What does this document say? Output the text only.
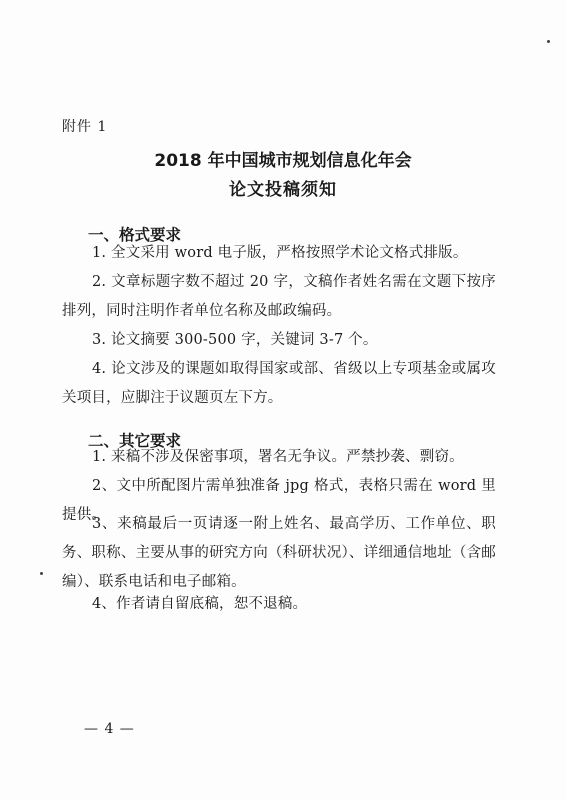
附件 1
2018 年中国城市规划信息化年会
论文投稿须知
一、格式要求
1. 全文采用 word 电子版，严格按照学术论文格式排版。
2. 文章标题字数不超过 20 字，文稿作者姓名需在文题下按序排列，同时注明作者单位名称及邮政编码。
3. 论文摘要 300-500 字，关键词 3-7 个。
4. 论文涉及的课题如取得国家或部、省级以上专项基金或属攻关项目，应脚注于议题页左下方。
二、其它要求
1. 来稿不涉及保密事项，署名无争议。严禁抄袭、剽窃。
2、文中所配图片需单独准备 jpg 格式，表格只需在 word 里提供。
3、来稿最后一页请逐一附上姓名、最高学历、工作单位、职务、职称、主要从事的研究方向（科研状况）、详细通信地址（含邮编）、联系电话和电子邮箱。
4、作者请自留底稿，恕不退稿。
— 4 —
